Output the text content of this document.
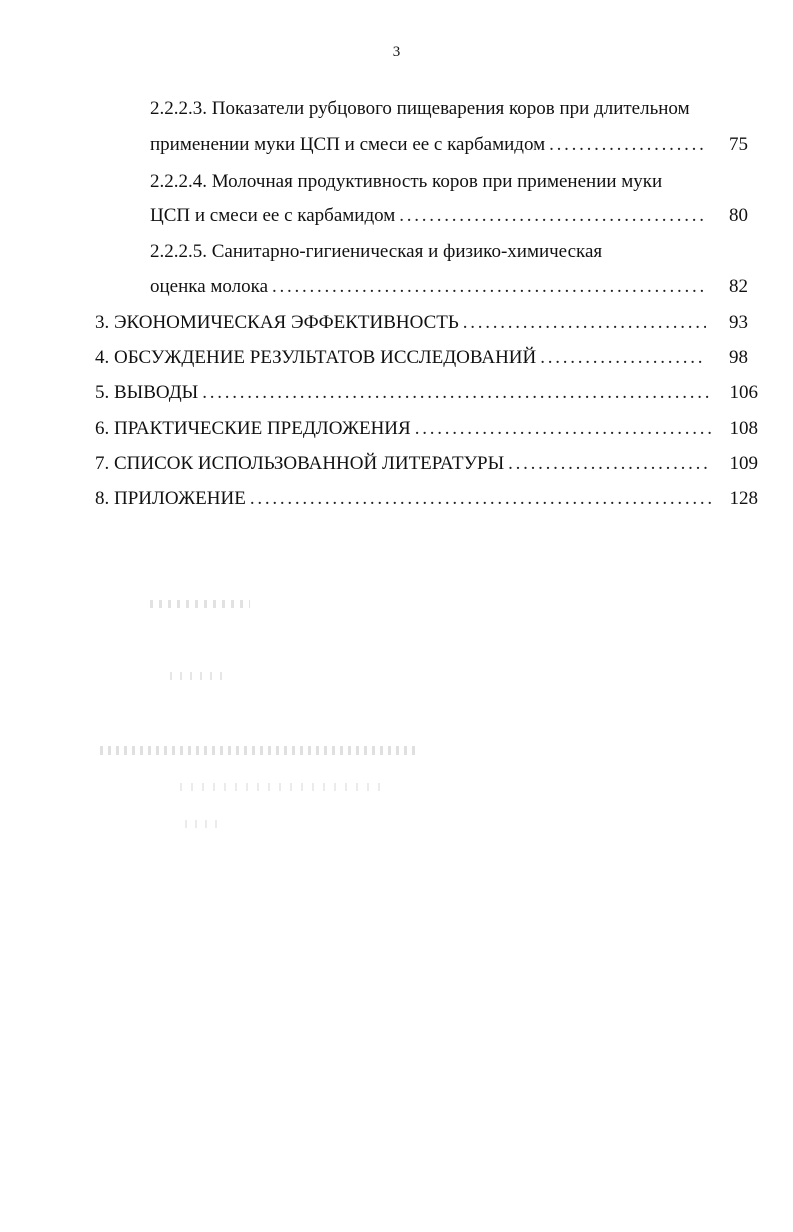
3
2.2.2.3. Показатели рубцового пищеварения коров при длительном
применении муки ЦСП и смеси ее с карбамидом . . .	75
2.2.2.4. Молочная продуктивность коров при применении муки
ЦСП и смеси ее с карбамидом . . .	80
2.2.2.5. Санитарно-гигиеническая и физико-химическая
оценка молока . . .	82
3. ЭКОНОМИЧЕСКАЯ ЭФФЕКТИВНОСТЬ . . .	93
4. ОБСУЖДЕНИЕ РЕЗУЛЬТАТОВ ИССЛЕДОВАНИЙ . . .	98
5. ВЫВОДЫ . . .	106
6. ПРАКТИЧЕСКИЕ ПРЕДЛОЖЕНИЯ . . .	108
7. СПИСОК ИСПОЛЬЗОВАННОЙ ЛИТЕРАТУРЫ . . .	109
8. ПРИЛОЖЕНИЕ . . .	128
